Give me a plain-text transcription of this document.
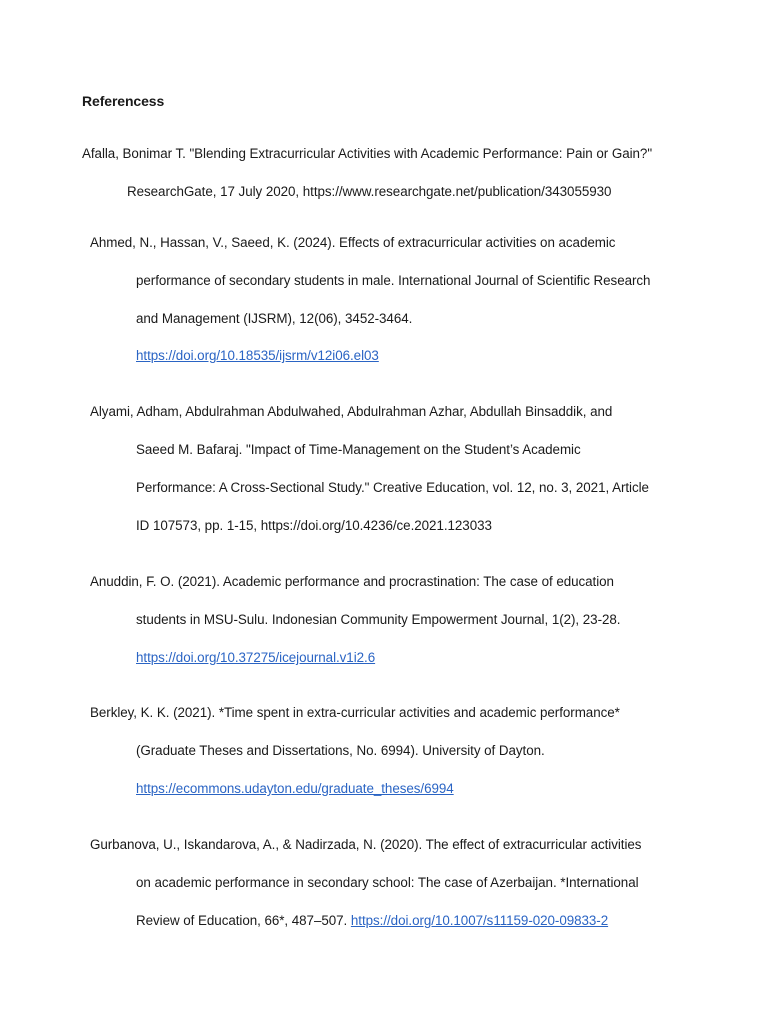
Referencess
Afalla, Bonimar T. "Blending Extracurricular Activities with Academic Performance: Pain or Gain?"
ResearchGate, 17 July 2020, https://www.researchgate.net/publication/343055930
Ahmed, N., Hassan, V., Saeed, K. (2024). Effects of extracurricular activities on academic
performance of secondary students in male. International Journal of Scientific Research
and Management (IJSRM), 12(06), 3452-3464.
https://doi.org/10.18535/ijsrm/v12i06.el03
Alyami, Adham, Abdulrahman Abdulwahed, Abdulrahman Azhar, Abdullah Binsaddik, and
Saeed M. Bafaraj. "Impact of Time-Management on the Student’s Academic
Performance: A Cross-Sectional Study." Creative Education, vol. 12, no. 3, 2021, Article
ID 107573, pp. 1-15, https://doi.org/10.4236/ce.2021.123033
Anuddin, F. O. (2021). Academic performance and procrastination: The case of education
students in MSU-Sulu. Indonesian Community Empowerment Journal, 1(2), 23-28.
https://doi.org/10.37275/icejournal.v1i2.6
Berkley, K. K. (2021). *Time spent in extra-curricular activities and academic performance*
(Graduate Theses and Dissertations, No. 6994). University of Dayton.
https://ecommons.udayton.edu/graduate_theses/6994
Gurbanova, U., Iskandarova, A., & Nadirzada, N. (2020). The effect of extracurricular activities
on academic performance in secondary school: The case of Azerbaijan. *International
Review of Education, 66*, 487–507. https://doi.org/10.1007/s11159-020-09833-2
